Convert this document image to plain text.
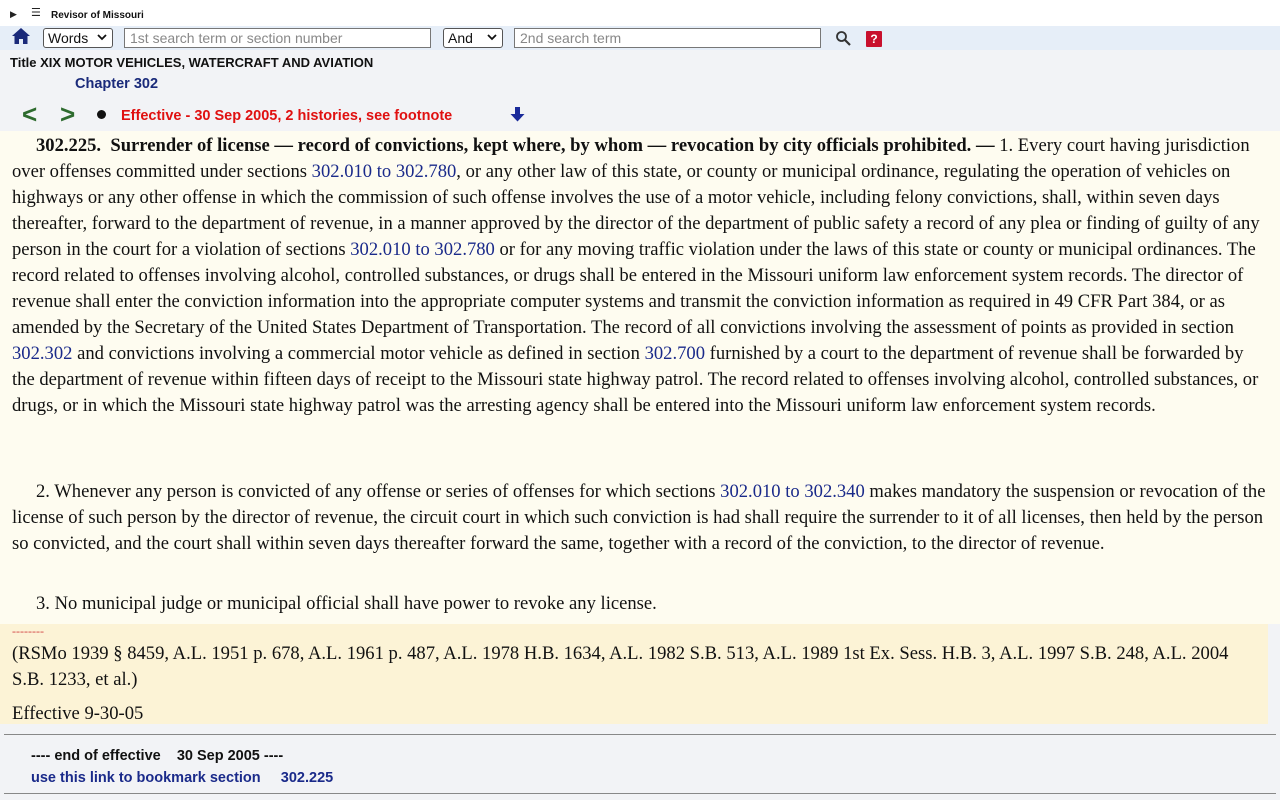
▶ ☰ Revisor of Missouri
Words
1st search term or section number	And
2nd search term	?
Title XIX MOTOR VEHICLES, WATERCRAFT AND AVIATION
Chapter 302
< >	Effective - 30 Sep 2005, 2 histories, see footnote

302.225. Surrender of license — record of convictions, kept where, by whom — revocation by city officials prohibited. — 1. Every court having jurisdiction over offenses committed under sections 302.010 to 302.780, or any other law of this state, or county or municipal ordinance, regulating the operation of vehicles on highways or any other offense in which the commission of such offense involves the use of a motor vehicle, including felony convictions, shall, within seven days thereafter, forward to the department of revenue, in a manner approved by the director of the department of public safety a record of any plea or finding of guilty of any person in the court for a violation of sections 302.010 to 302.780 or for any moving traffic violation under the laws of this state or county or municipal ordinances. The record related to offenses involving alcohol, controlled substances, or drugs shall be entered in the Missouri uniform law enforcement system records. The director of revenue shall enter the conviction information into the appropriate computer systems and transmit the conviction information as required in 49 CFR Part 384, or as amended by the Secretary of the United States Department of Transportation. The record of all convictions involving the assessment of points as provided in section 302.302 and convictions involving a commercial motor vehicle as defined in section 302.700 furnished by a court to the department of revenue shall be forwarded by the department of revenue within fifteen days of receipt to the Missouri state highway patrol. The record related to offenses involving alcohol, controlled substances, or drugs, or in which the Missouri state highway patrol was the arresting agency shall be entered into the Missouri uniform law enforcement system records.

2. Whenever any person is convicted of any offense or series of offenses for which sections 302.010 to 302.340 makes mandatory the suspension or revocation of the license of such person by the director of revenue, the circuit court in which such conviction is had shall require the surrender to it of all licenses, then held by the person so convicted, and the court shall within seven days thereafter forward the same, together with a record of the conviction, to the director of revenue.

3. No municipal judge or municipal official shall have power to revoke any license.

--------
(RSMo 1939 § 8459, A.L. 1951 p. 678, A.L. 1961 p. 487, A.L. 1978 H.B. 1634, A.L. 1982 S.B. 513, A.L. 1989 1st Ex. Sess. H.B. 3, A.L. 1997 S.B. 248, A.L. 2004 S.B. 1233, et al.)
Effective 9-30-05
---- end of effective    30 Sep 2005 ----
use this link to bookmark section     302.225
